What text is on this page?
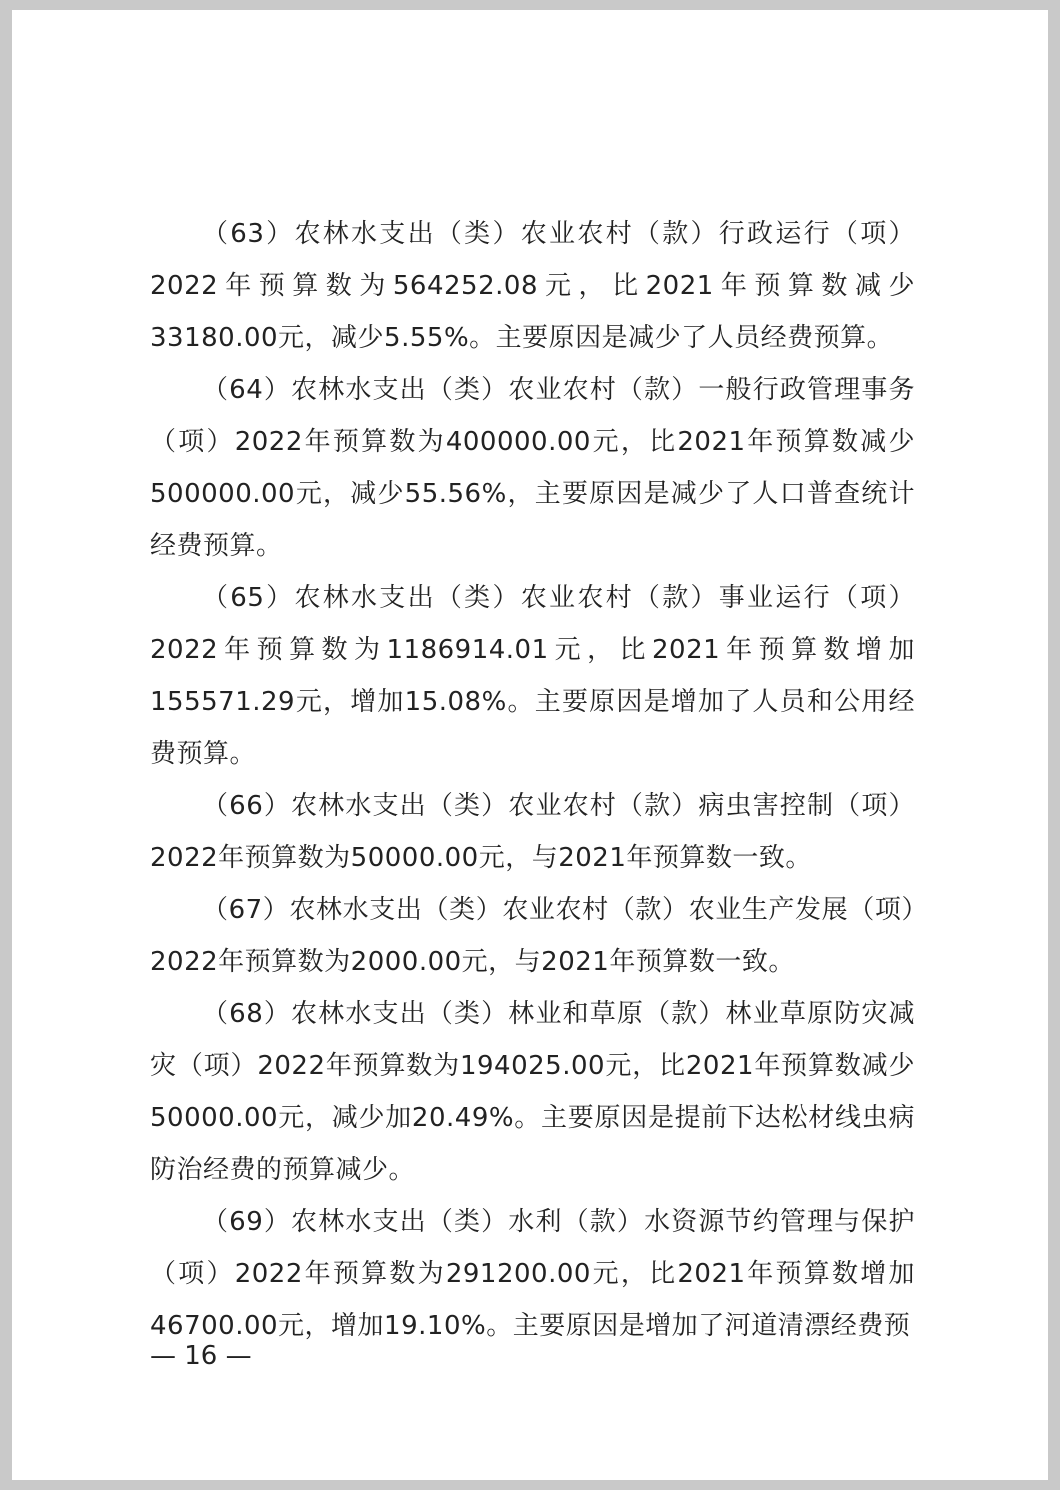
（63）农林水支出（类）农业农村（款）行政运行（项）2022年预算数为564252.08元，比2021年预算数减少33180.00元，减少5.55%。主要原因是减少了人员经费预算。

（64）农林水支出（类）农业农村（款）一般行政管理事务（项）2022年预算数为400000.00元，比2021年预算数减少500000.00元，减少55.56%，主要原因是减少了人口普查统计经费预算。

（65）农林水支出（类）农业农村（款）事业运行（项）2022年预算数为1186914.01元，比2021年预算数增加155571.29元，增加15.08%。主要原因是增加了人员和公用经费预算。

（66）农林水支出（类）农业农村（款）病虫害控制（项）2022年预算数为50000.00元，与2021年预算数一致。

（67）农林水支出（类）农业农村（款）农业生产发展（项）2022年预算数为2000.00元，与2021年预算数一致。

（68）农林水支出（类）林业和草原（款）林业草原防灾减灾（项）2022年预算数为194025.00元，比2021年预算数减少50000.00元，减少加20.49%。主要原因是提前下达松材线虫病防治经费的预算减少。

（69）农林水支出（类）水利（款）水资源节约管理与保护（项）2022年预算数为291200.00元，比2021年预算数增加46700.00元，增加19.10%。主要原因是增加了河道清漂经费预

— 16 —
